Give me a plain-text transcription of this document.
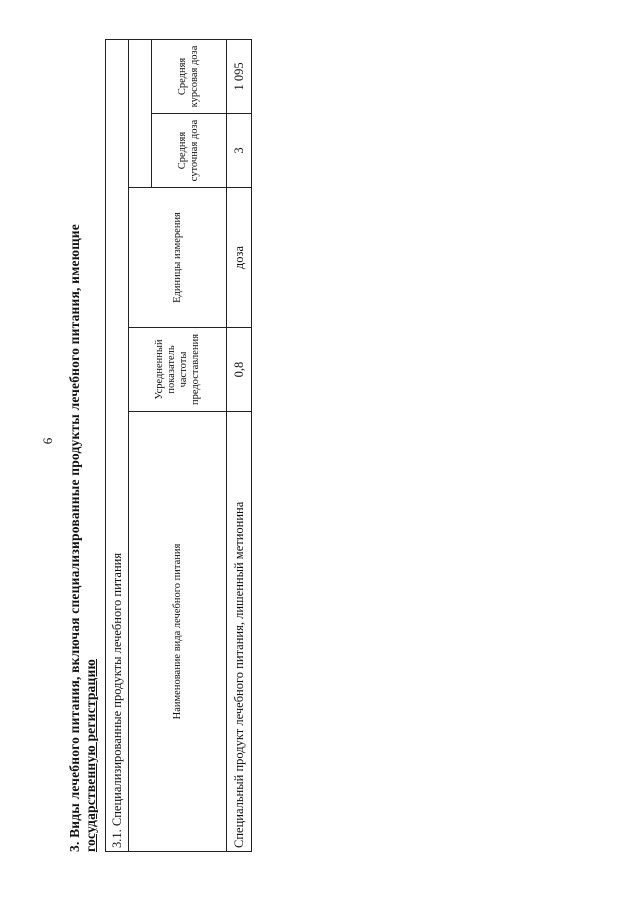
6 3. Виды лечебного питания, включая специализированные продукты лечебного питания, имеющие государственную регистрацию 3.1. Специализированные продукты лечебного питания				
Наименование вида лечебного питания	Усредненный показатель частоты предоставления	Единицы измерения		
			Средняя суточная доза	Средняя курсовая доза
Специальный продукт лечебного питания, лишенный метионина	0,8	доза	3	1 095
